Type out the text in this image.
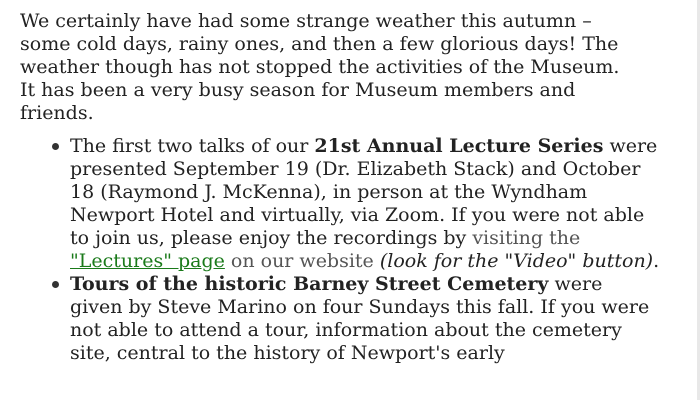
We certainly have had some strange weather this autumn –
some cold days, rainy ones, and then a few glorious days! The
weather though has not stopped the activities of the Museum.
It has been a very busy season for Museum members and
friends.

The first two talks of our 21st Annual Lecture Series were presented September 19 (Dr. Elizabeth Stack) and October 18 (Raymond J. McKenna), in person at the Wyndham Newport Hotel and virtually, via Zoom. If you were not able to join us, please enjoy the recordings by visiting the "Lectures" page on our website (look for the "Video" button).
Tours of the historic Barney Street Cemetery were given by Steve Marino on four Sundays this fall. If you were not able to attend a tour, information about the cemetery site, central to the history of Newport's early
